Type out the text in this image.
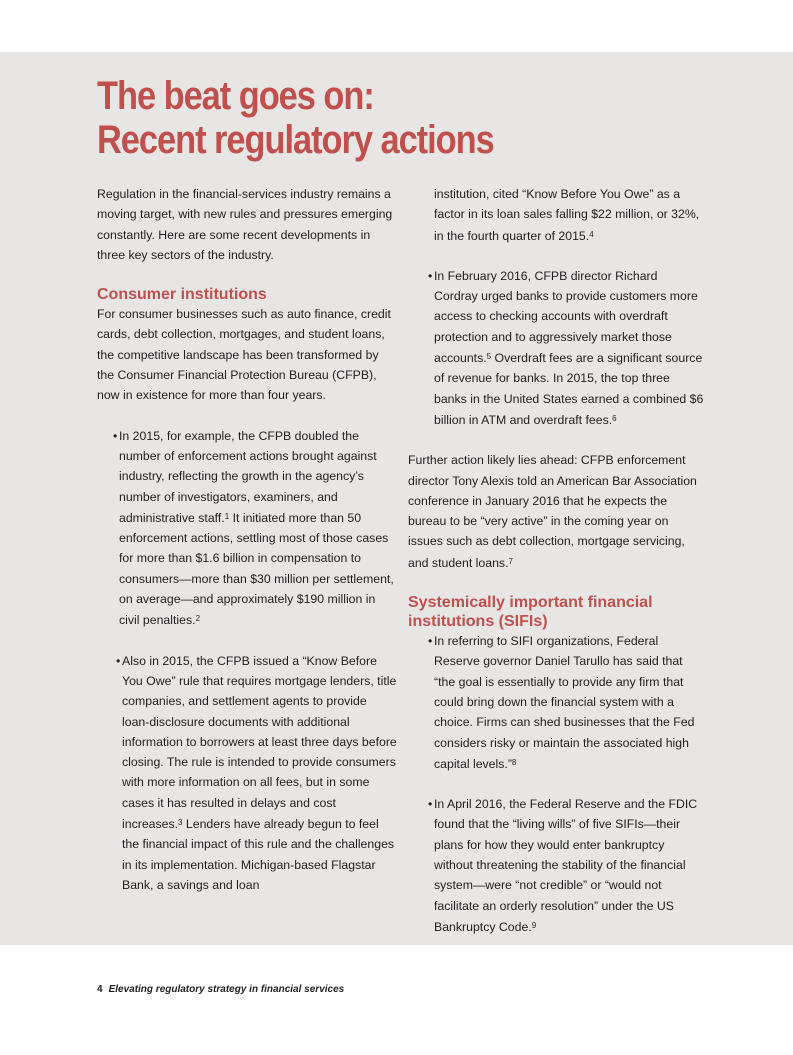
The beat goes on:
Recent regulatory actions

Regulation in the financial-services industry remains a moving target, with new rules and pressures emerging constantly. Here are some recent developments in three key sectors of the industry.

Consumer institutions

For consumer businesses such as auto finance, credit cards, debt collection, mortgages, and student loans, the competitive landscape has been transformed by the Consumer Financial Protection Bureau (CFPB), now in existence for more than four years.

• In 2015, for example, the CFPB doubled the number of enforcement actions brought against industry, reflecting the growth in the agency’s number of investigators, examiners, and administrative staff.$^1$ It initiated more than 50 enforcement actions, settling most of those cases for more than $1.6 billion in compensation to consumers—more than $30 million per settlement, on average—and approximately $190 million in civil penalties.$^2$

• Also in 2015, the CFPB issued a “Know Before You Owe” rule that requires mortgage lenders, title companies, and settlement agents to provide loan-disclosure documents with additional information to borrowers at least three days before closing. The rule is intended to provide consumers with more information on all fees, but in some cases it has resulted in delays and cost increases.$^3$ Lenders have already begun to feel the financial impact of this rule and the challenges in its implementation. Michigan-based Flagstar Bank, a savings and loan

institution, cited “Know Before You Owe” as a factor in its loan sales falling $22 million, or 32%, in the fourth quarter of 2015.$^4$

• In February 2016, CFPB director Richard Cordray urged banks to provide customers more access to checking accounts with overdraft protection and to aggressively market those accounts.$^5$ Overdraft fees are a significant source of revenue for banks. In 2015, the top three banks in the United States earned a combined $6 billion in ATM and overdraft fees.$^6$

Further action likely lies ahead: CFPB enforcement director Tony Alexis told an American Bar Association conference in January 2016 that he expects the bureau to be “very active” in the coming year on issues such as debt collection, mortgage servicing, and student loans.$^7$

Systemically important financial institutions (SIFIs)

• In referring to SIFI organizations, Federal Reserve governor Daniel Tarullo has said that “the goal is essentially to provide any firm that could bring down the financial system with a choice. Firms can shed businesses that the Fed considers risky or maintain the associated high capital levels.”$^8$

• In April 2016, the Federal Reserve and the FDIC found that the “living wills” of five SIFIs—their plans for how they would enter bankruptcy without threatening the stability of the financial system—were “not credible” or “would not facilitate an orderly resolution” under the US Bankruptcy Code.$^9$

4 Elevating regulatory strategy in financial services
